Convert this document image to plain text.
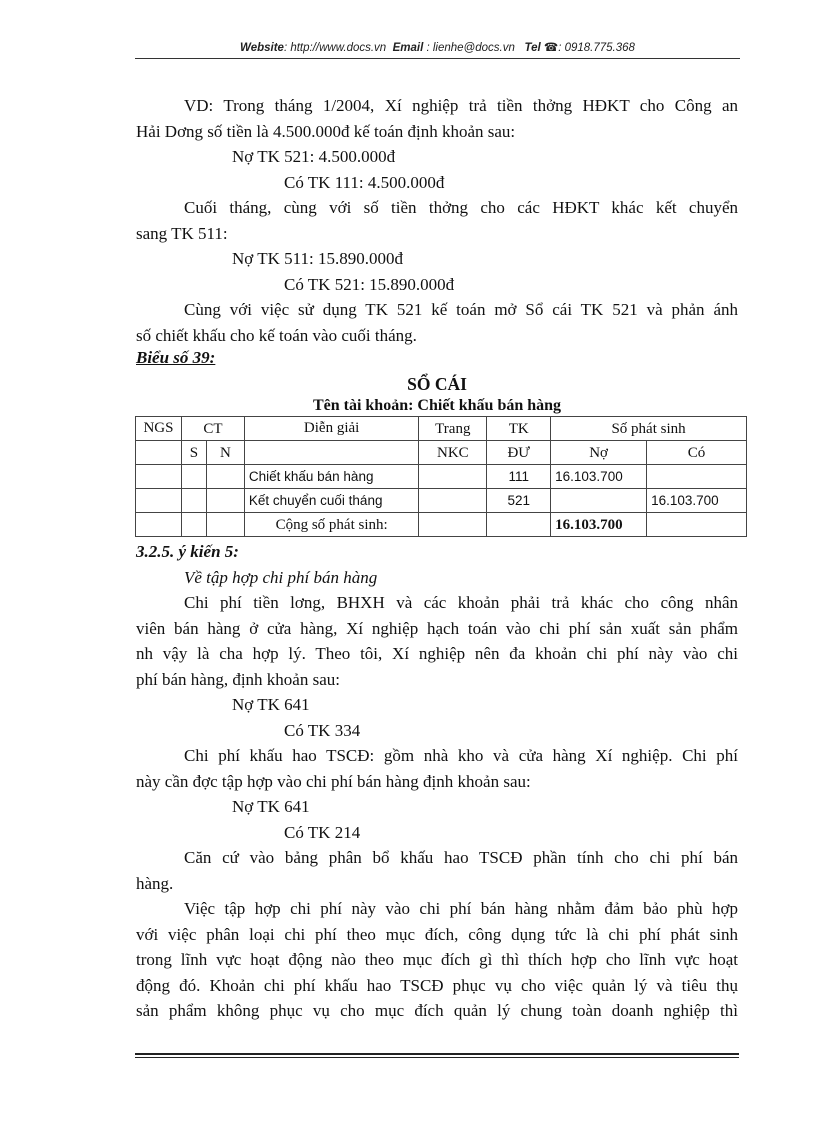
Website: http://www.docs.vn Email : lienhe@docs.vn Tel ☎: 0918.775.368

VD: Trong tháng 1/2004, Xí nghiệp trả tiền thởng HĐKT cho Công an

Hải Dơng số tiền là 4.500.000đ kế toán định khoản sau:

Nợ TK 521: 4.500.000đ

Có TK 111: 4.500.000đ

Cuối tháng, cùng với số tiền thởng cho các HĐKT khác kết chuyển

sang TK 511:

Nợ TK 511: 15.890.000đ

Có TK 521: 15.890.000đ

Cùng với việc sử dụng TK 521 kế toán mở Sổ cái TK 521 và phản ánh

số chiết khấu cho kế toán vào cuối tháng.

Biểu số 39:

SỔ CÁI

Tên tài khoản: Chiết khấu bán hàng

NGS	CT		Diễn giải	Trang	TK	Số phát sinh	
	S	N		NKC	ĐƯ	Nợ	Có
			Chiết khấu bán hàng		111	16.103.700	
			Kết chuyển cuối tháng		521		16.103.700
			Cộng số phát sinh:			16.103.700	

3.2.5. ý kiến 5:

Về tập hợp chi phí bán hàng

Chi phí tiền lơng, BHXH và các khoản phải trả khác cho công nhân

viên bán hàng ở cửa hàng, Xí nghiệp hạch toán vào chi phí sản xuất sản phẩm

nh vậy là cha hợp lý. Theo tôi, Xí nghiệp nên đa khoản chi phí này vào chi

phí bán hàng, định khoản sau:

Nợ TK 641

Có TK 334

Chi phí khấu hao TSCĐ: gồm nhà kho và cửa hàng Xí nghiệp. Chi phí

này cần đợc tập hợp vào chi phí bán hàng định khoản sau:

Nợ TK 641

Có TK 214

Căn cứ vào bảng phân bổ khấu hao TSCĐ phần tính cho chi phí bán

hàng.

Việc tập hợp chi phí này vào chi phí bán hàng nhằm đảm bảo phù hợp

với việc phân loại chi phí theo mục đích, công dụng tức là chi phí phát sinh

trong lĩnh vực hoạt động nào theo mục đích gì thì thích hợp cho lĩnh vực hoạt

động đó. Khoản chi phí khấu hao TSCĐ phục vụ cho việc quản lý và tiêu thụ

sản phẩm không phục vụ cho mục đích quản lý chung toàn doanh nghiệp thì
